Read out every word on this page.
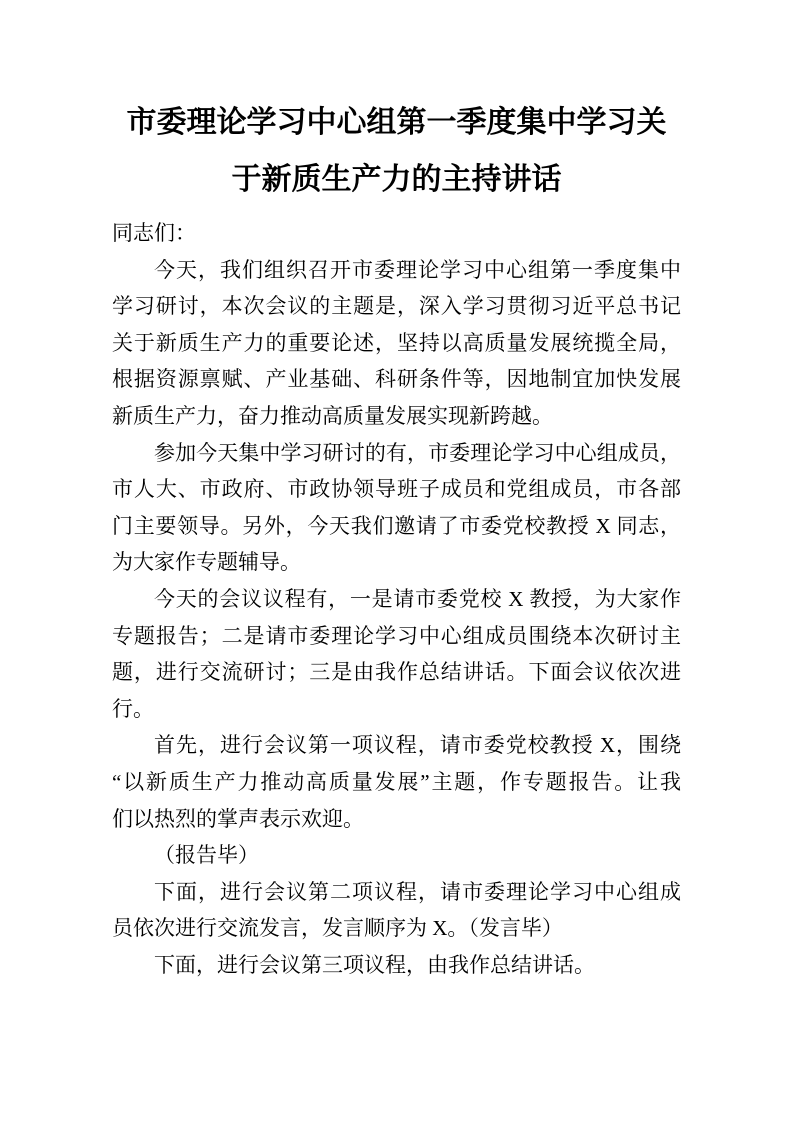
市委理论学习中心组第一季度集中学习关
于新质生产力的主持讲话

同志们：

今天，我们组织召开市委理论学习中心组第一季度集中
学习研讨，本次会议的主题是，深入学习贯彻习近平总书记
关于新质生产力的重要论述，坚持以高质量发展统揽全局，
根据资源禀赋、产业基础、科研条件等，因地制宜加快发展
新质生产力，奋力推动高质量发展实现新跨越。

参加今天集中学习研讨的有，市委理论学习中心组成员，
市人大、市政府、市政协领导班子成员和党组成员，市各部
门主要领导。另外，今天我们邀请了市委党校教授 X 同志，
为大家作专题辅导。

今天的会议议程有，一是请市委党校 X 教授，为大家作
专题报告；二是请市委理论学习中心组成员围绕本次研讨主
题，进行交流研讨；三是由我作总结讲话。下面会议依次进
行。

首先，进行会议第一项议程，请市委党校教授 X，围绕
“以新质生产力推动高质量发展”主题，作专题报告。让我
们以热烈的掌声表示欢迎。

（报告毕）

下面，进行会议第二项议程，请市委理论学习中心组成
员依次进行交流发言，发言顺序为 X。（发言毕）

下面，进行会议第三项议程，由我作总结讲话。
